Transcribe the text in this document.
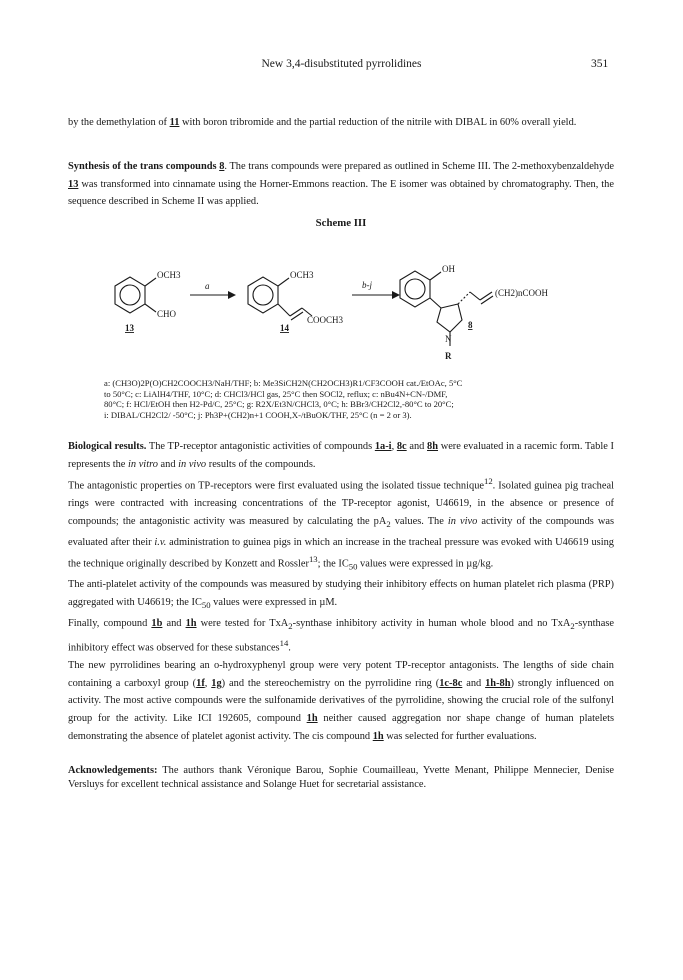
New 3,4-disubstituted pyrrolidines	351

by the demethylation of 11 with boron tribromide and the partial reduction of the nitrile with DIBAL in 60% overall yield.

Synthesis of the trans compounds 8. The trans compounds were prepared as outlined in Scheme III. The 2-methoxybenzaldehyde 13 was transformed into cinnamate using the Horner-Emmons reaction. The E isomer was obtained by chromatography. Then, the sequence described in Scheme II was applied.

Scheme III
OCH3
CHO
13
a
OCH3
COOCH3
14
b-j
OH
(CH2)nCOOH
N
R
8
a: (CH3O)2P(O)CH2COOCH3/NaH/THF; b: Me3SiCH2N(CH2OCH3)R1/CF3COOH cat./EtOAc, 5°C
to 50°C; c: LiAlH4/THF, 10°C; d: CHCl3/HCl gas, 25°C then SOCl2, reflux; c: nBu4N+CN-/DMF,
80°C; f: HCl/EtOH then H2-Pd/C, 25°C; g: R2X/Et3N/CHCl3, 0°C; h: BBr3/CH2Cl2,-80°C to 20°C;
i: DIBAL/CH2Cl2/ -50°C; j: Ph3P+(CH2)n+1 COOH,X-/tBuOK/THF, 25°C (n = 2 or 3).

Biological results. The TP-receptor antagonistic activities of compounds 1a-i, 8c and 8h were evaluated in a racemic form. Table I represents the in vitro and in vivo results of the compounds.

The antagonistic properties on TP-receptors were first evaluated using the isolated tissue technique$^{12}$. Isolated guinea pig tracheal rings were contracted with increasing concentrations of the TP-receptor agonist, U46619, in the absence or presence of compounds; the antagonistic activity was measured by calculating the $pA_2$ values. The in vivo activity of the compounds was evaluated after their i.v. administration to guinea pigs in which an increase in the tracheal pressure was evoked with U46619 using the technique originally described by Konzett and Rossler$^{13}$; the $IC_{50}$ values were expressed in µg/kg.

The anti-platelet activity of the compounds was measured by studying their inhibitory effects on human platelet rich plasma (PRP) aggregated with U46619; the $IC_{50}$ values were expressed in µM.

Finally, compound 1b and 1h were tested for TxA$_2$-synthase inhibitory activity in human whole blood and no TxA$_2$-synthase inhibitory effect was observed for these substances$^{14}$.

The new pyrrolidines bearing an o-hydroxyphenyl group were very potent TP-receptor antagonists. The lengths of side chain containing a carboxyl group (1f, 1g) and the stereochemistry on the pyrrolidine ring (1c-8c and 1h-8h) strongly influenced on activity. The most active compounds were the sulfonamide derivatives of the pyrrolidine, showing the crucial role of the sulfonyl group for the activity. Like ICI 192605, compound 1h neither caused aggregation nor shape change of human platelets demonstrating the absence of platelet agonist activity. The cis compound 1h was selected for further evaluations.

Acknowledgements: The authors thank Véronique Barou, Sophie Coumailleau, Yvette Menant, Philippe Mennecier, Denise Versluys for excellent technical assistance and Solange Huet for secretarial assistance.
